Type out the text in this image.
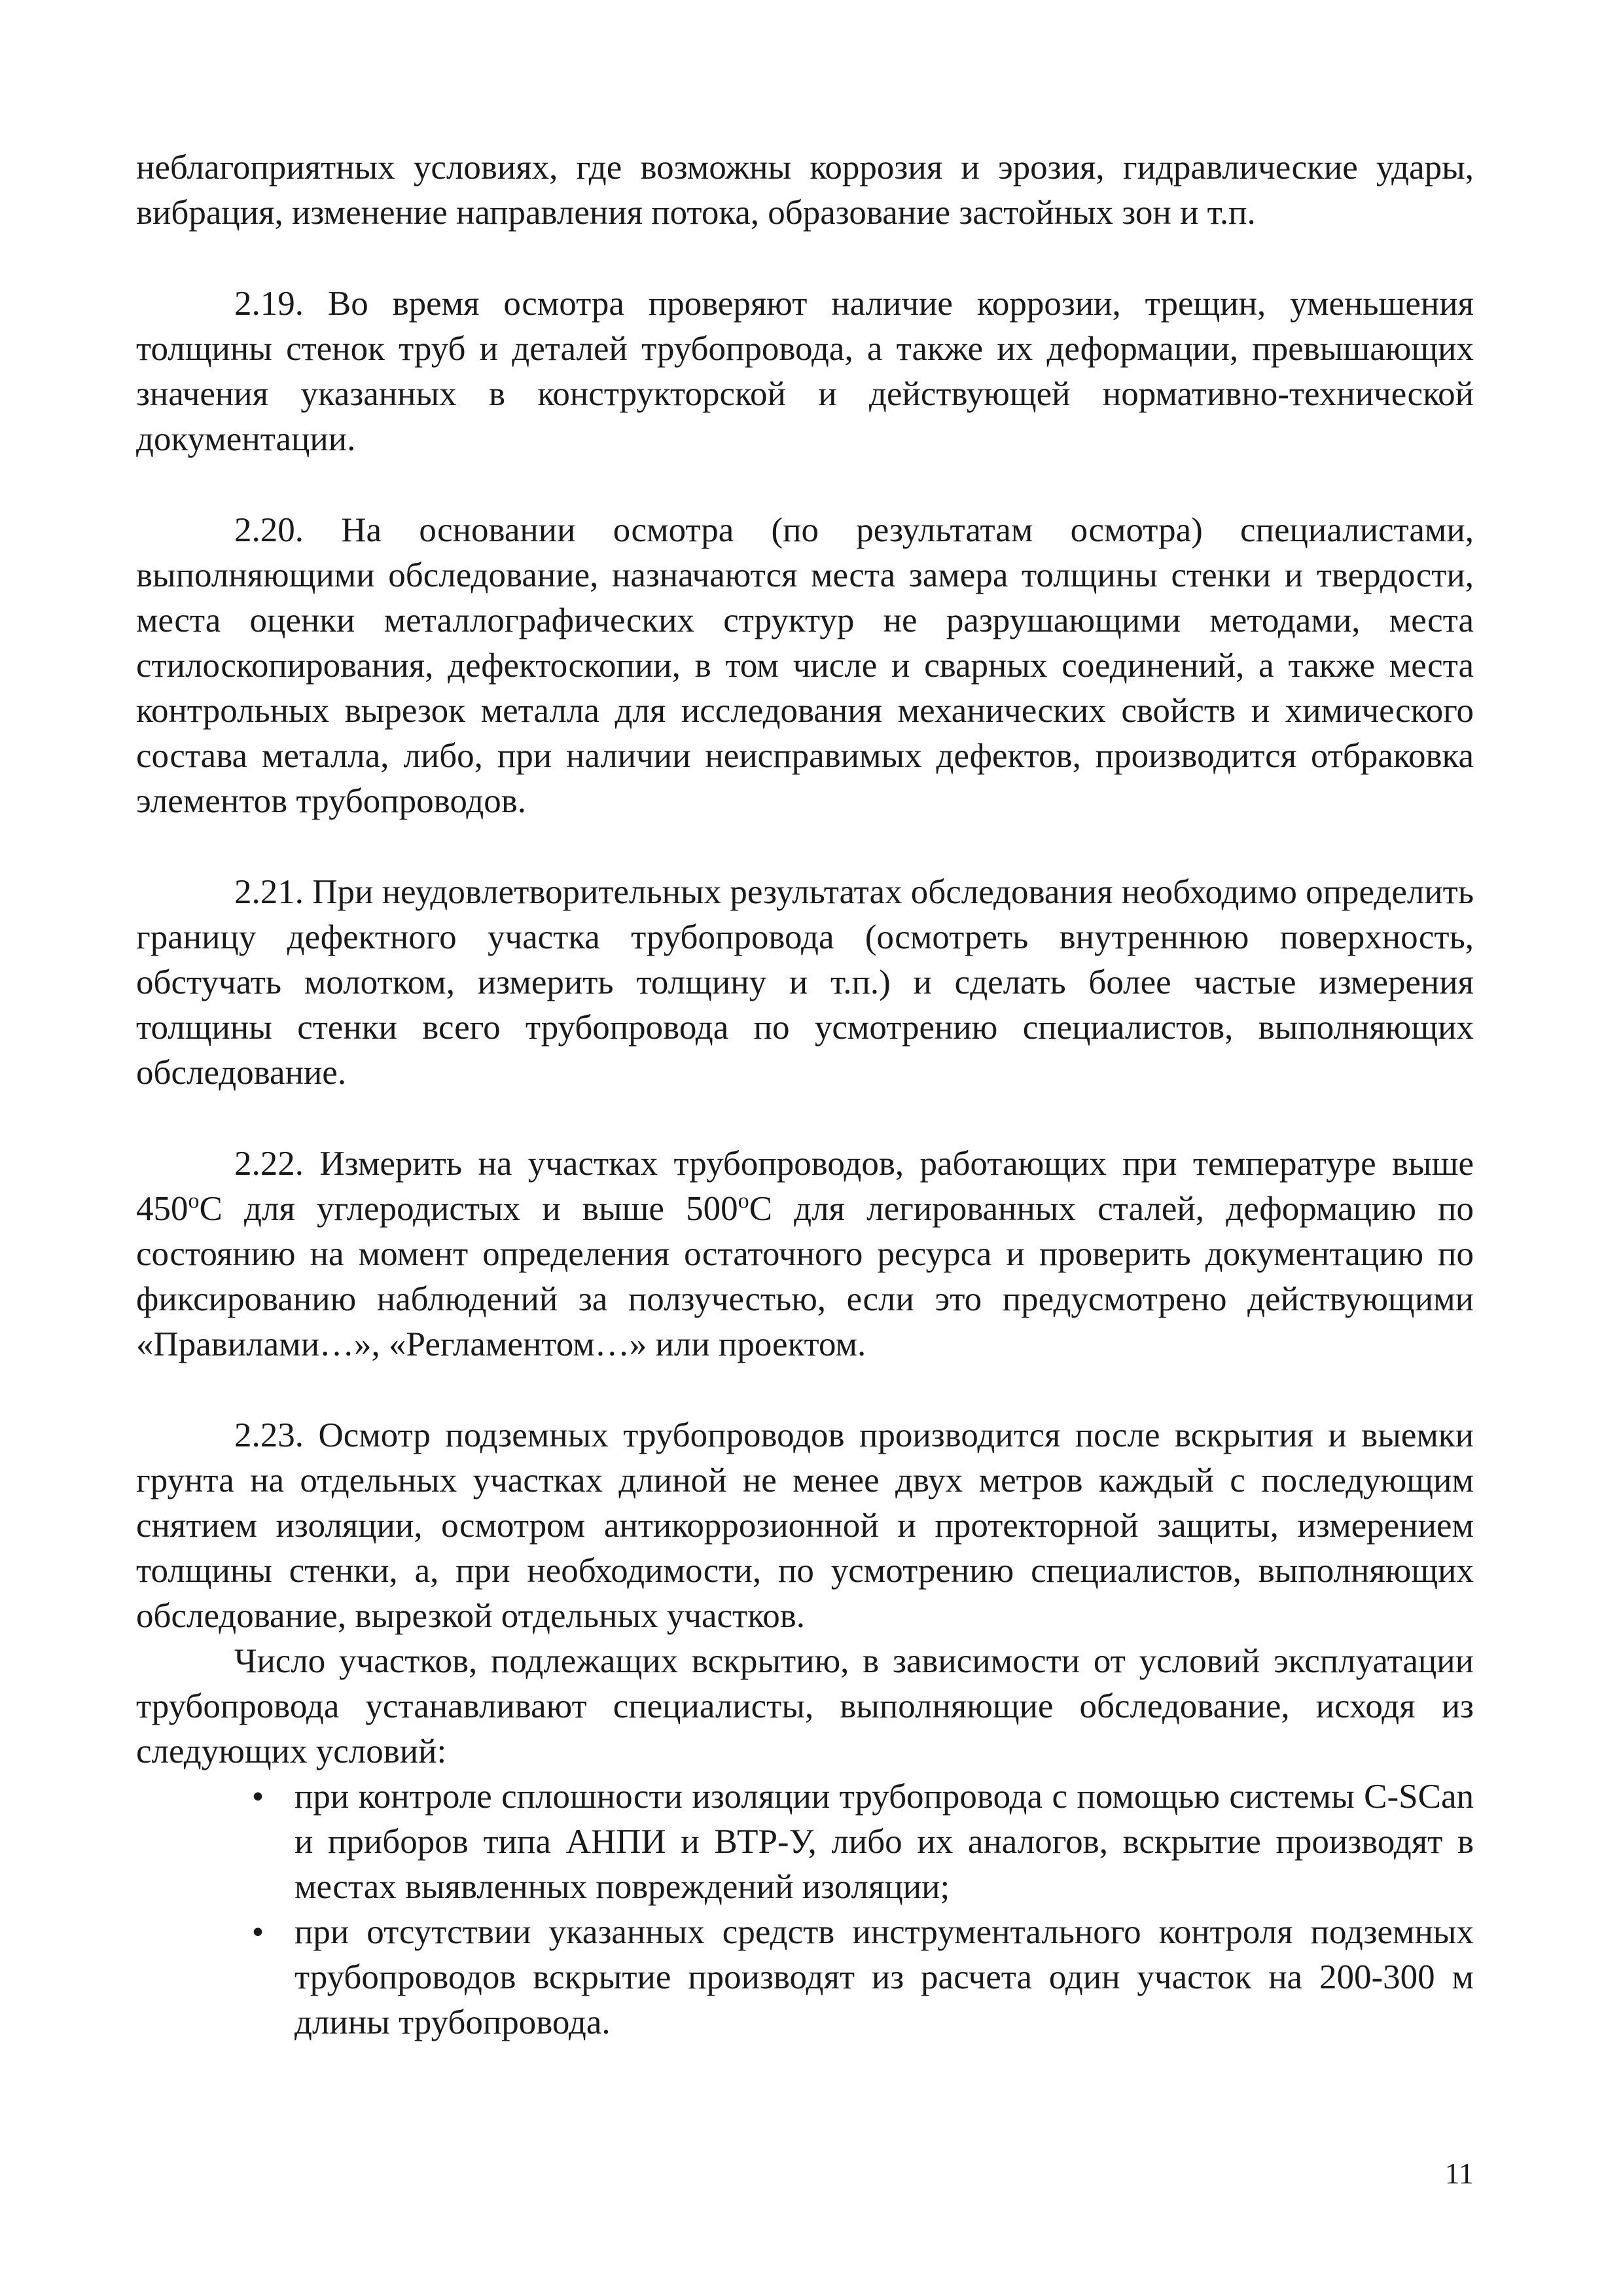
неблагоприятных условиях, где возможны коррозия и эрозия, гидравлические удары, вибрация, изменение направления потока, образование застойных зон и т.п.

2.19. Во время осмотра проверяют наличие коррозии, трещин, уменьшения толщины стенок труб и деталей трубопровода, а также их деформации, превышающих значения указанных в конструкторской и действующей нормативно-технической документации.

2.20. На основании осмотра (по результатам осмотра) специалистами, выполняющими обследование, назначаются места замера толщины стенки и твердости, места оценки металлографических структур не разрушающими методами, места стилоскопирования, дефектоскопии, в том числе и сварных соединений, а также места контрольных вырезок металла для исследования механических свойств и химического состава металла, либо, при наличии неисправимых дефектов, производится отбраковка элементов трубопроводов.

2.21. При неудовлетворительных результатах обследования необходимо определить границу дефектного участка трубопровода (осмотреть внутреннюю поверхность, обстучать молотком, измерить толщину и т.п.) и сделать более частые измерения толщины стенки всего трубопровода по усмотрению специалистов, выполняющих обследование.

2.22. Измерить на участках трубопроводов, работающих при температуре выше 450$^o$C для углеродистых и выше 500$^o$C для легированных сталей, деформацию по состоянию на момент определения остаточного ресурса и проверить документацию по фиксированию наблюдений за ползучестью, если это предусмотрено действующими «Правилами…», «Регламентом…» или проектом.

2.23. Осмотр подземных трубопроводов производится после вскрытия и выемки грунта на отдельных участках длиной не менее двух метров каждый с последующим снятием изоляции, осмотром антикоррозионной и протекторной защиты, измерением толщины стенки, а, при необходимости, по усмотрению специалистов, выполняющих обследование, вырезкой отдельных участков.

Число участков, подлежащих вскрытию, в зависимости от условий эксплуатации трубопровода устанавливают специалисты, выполняющие обследование, исходя из следующих условий:

• при контроле сплошности изоляции трубопровода с помощью системы C-SCan и приборов типа АНПИ и ВТР-У, либо их аналогов, вскрытие производят в местах выявленных повреждений изоляции;
• при отсутствии указанных средств инструментального контроля подземных трубопроводов вскрытие производят из расчета один участок на 200-300 м длины трубопровода.
11
